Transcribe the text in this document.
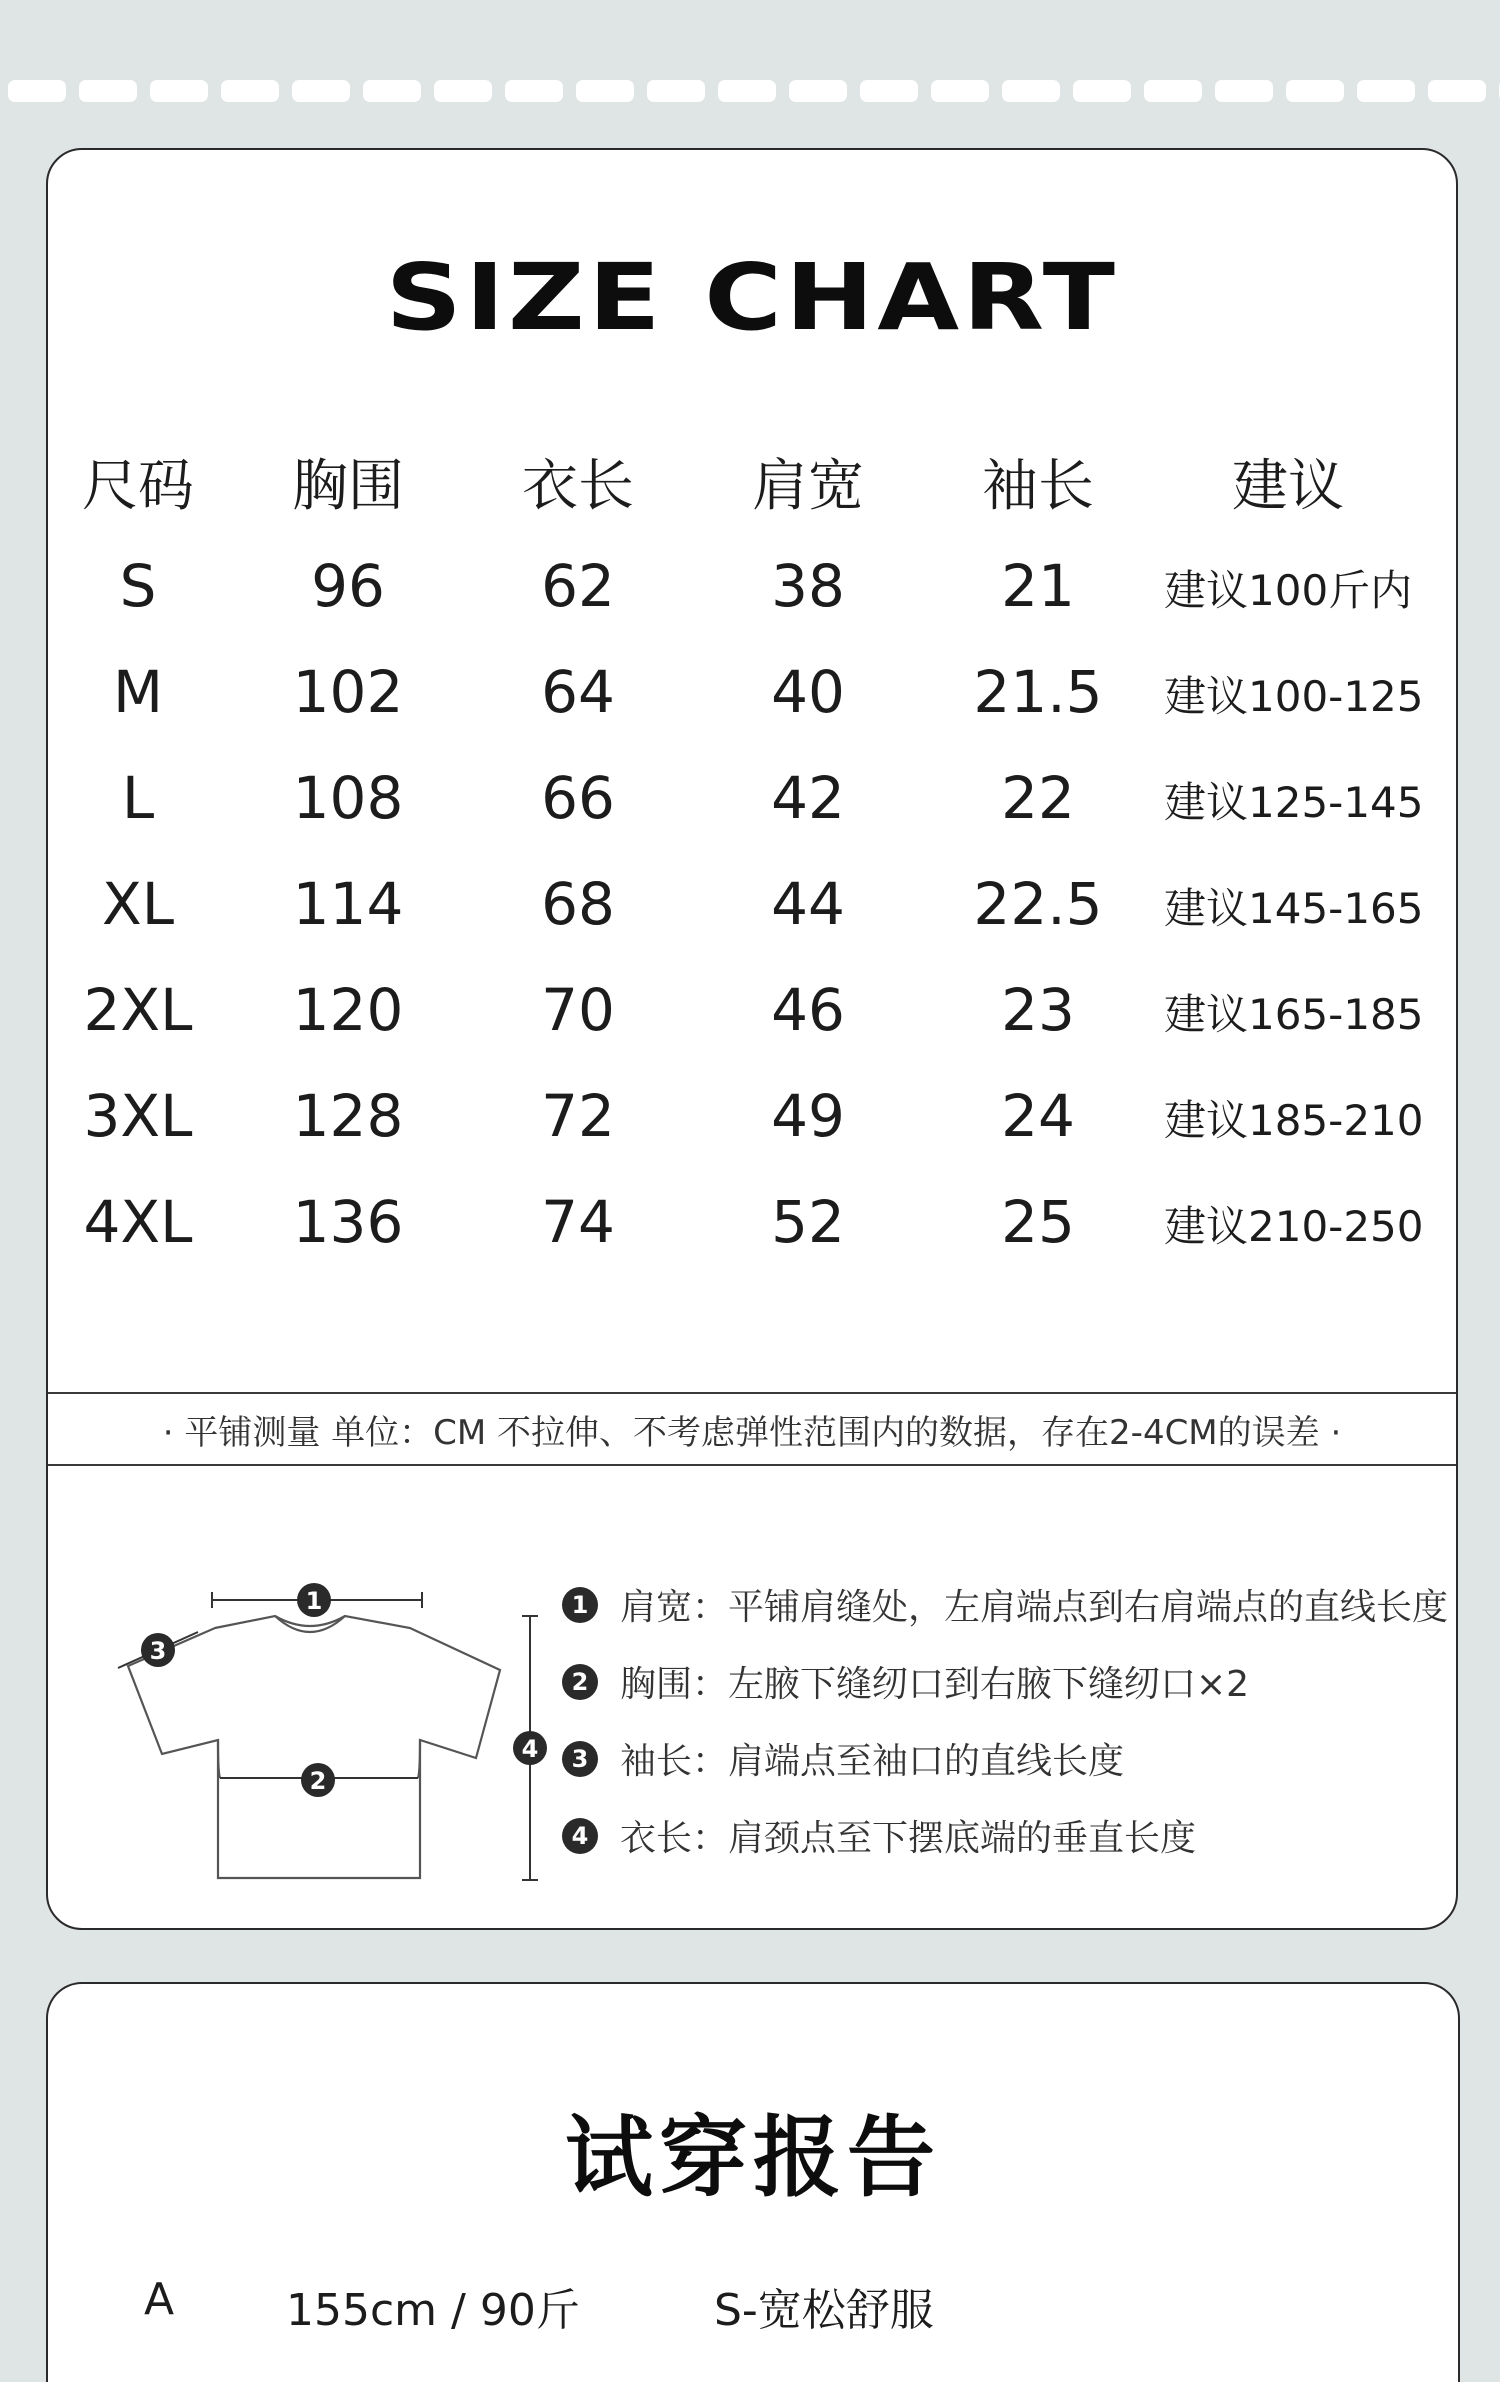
SIZE CHART
尺码	胸围	衣长	肩宽	袖长	建议
S	96	62	38	21	建议100斤内
M	102	64	40	21.5	建议100-125
L	108	66	42	22	建议125-145
XL	114	68	44	22.5	建议145-165
2XL	120	70	46	23	建议165-185
3XL	128	72	49	24	建议185-210
4XL	136	74	52	25	建议210-250
· 平铺测量 单位：CM 不拉伸、不考虑弹性范围内的数据，存在2-4CM的误差 ·
1
2
3
4
1 肩宽：平铺肩缝处，左肩端点到右肩端点的直线长度
2 胸围：左腋下缝纫口到右腋下缝纫口×2
3 袖长：肩端点至袖口的直线长度
4 衣长：肩颈点至下摆底端的垂直长度
试穿报告
A	155cm / 90斤	S-宽松舒服
